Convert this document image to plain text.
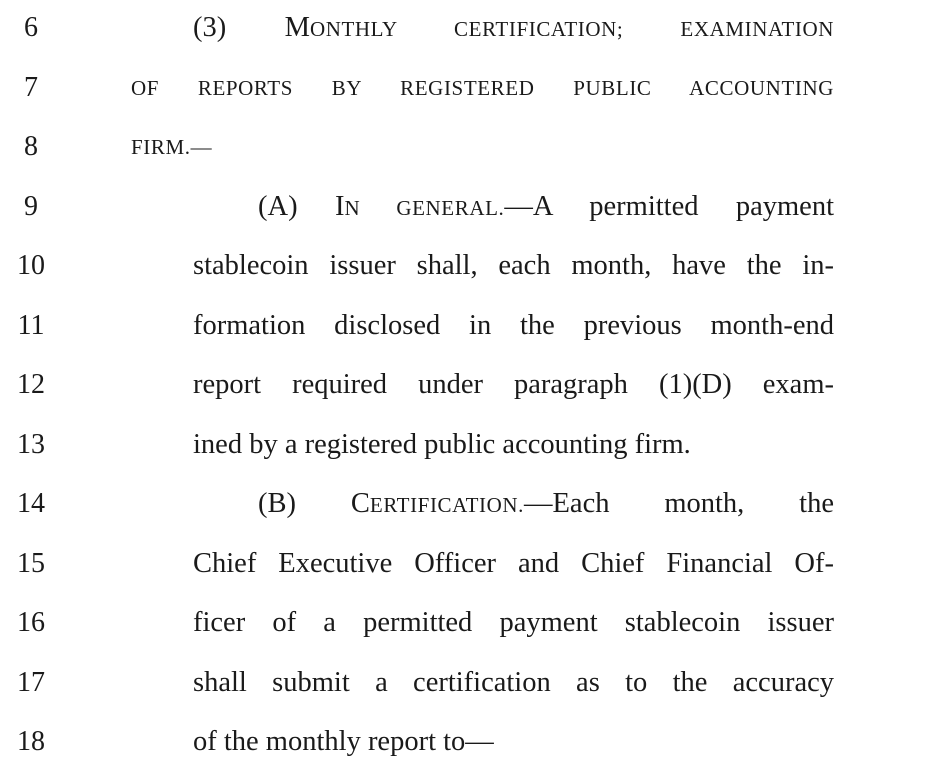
6	(3) MONTHLY CERTIFICATION; EXAMINATION
7	OF REPORTS BY REGISTERED PUBLIC ACCOUNTING
8	FIRM.—
9	(A) IN GENERAL.—A permitted payment
10	stablecoin issuer shall, each month, have the in-
11	formation disclosed in the previous month-end
12	report required under paragraph (1)(D) exam-
13	ined by a registered public accounting firm.
14	(B) CERTIFICATION.—Each month, the
15	Chief Executive Officer and Chief Financial Of-
16	ficer of a permitted payment stablecoin issuer
17	shall submit a certification as to the accuracy
18	of the monthly report to—
